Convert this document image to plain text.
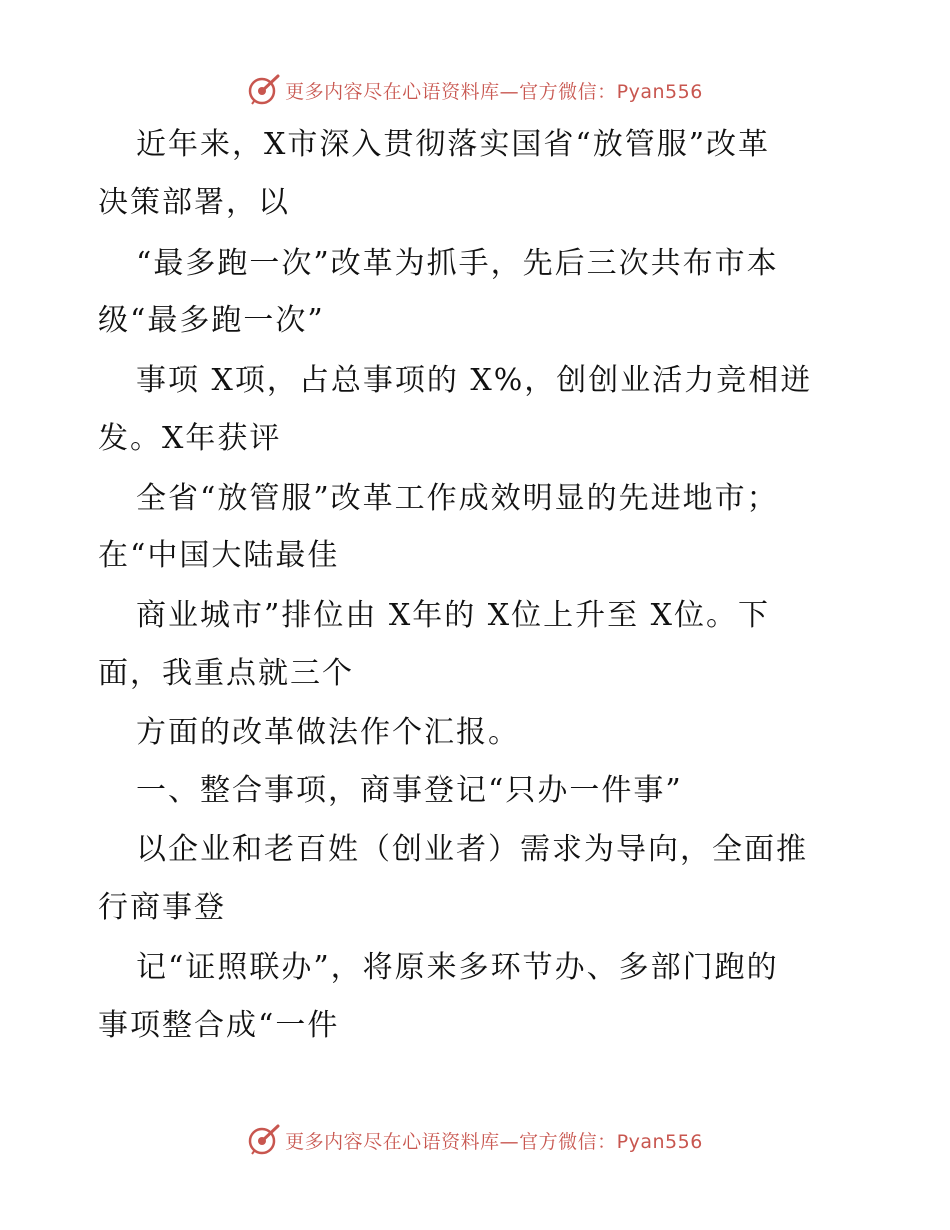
更多内容尽在心语资料库—官方微信：Pyan556
近年来，X市深入贯彻落实国省“放管服”改革
决策部署，以
“最多跑一次”改革为抓手，先后三次共布市本
级“最多跑一次”
事项 X项，占总事项的 X%，创创业活力竞相迸
发。X年获评
全省“放管服”改革工作成效明显的先进地市；
在“中国大陆最佳
商业城市”排位由 X年的 X位上升至 X位。下
面，我重点就三个
方面的改革做法作个汇报。
一、整合事项，商事登记“只办一件事”
以企业和老百姓（创业者）需求为导向，全面推
行商事登
记“证照联办”，将原来多环节办、多部门跑的
事项整合成“一件
更多内容尽在心语资料库—官方微信：Pyan556
